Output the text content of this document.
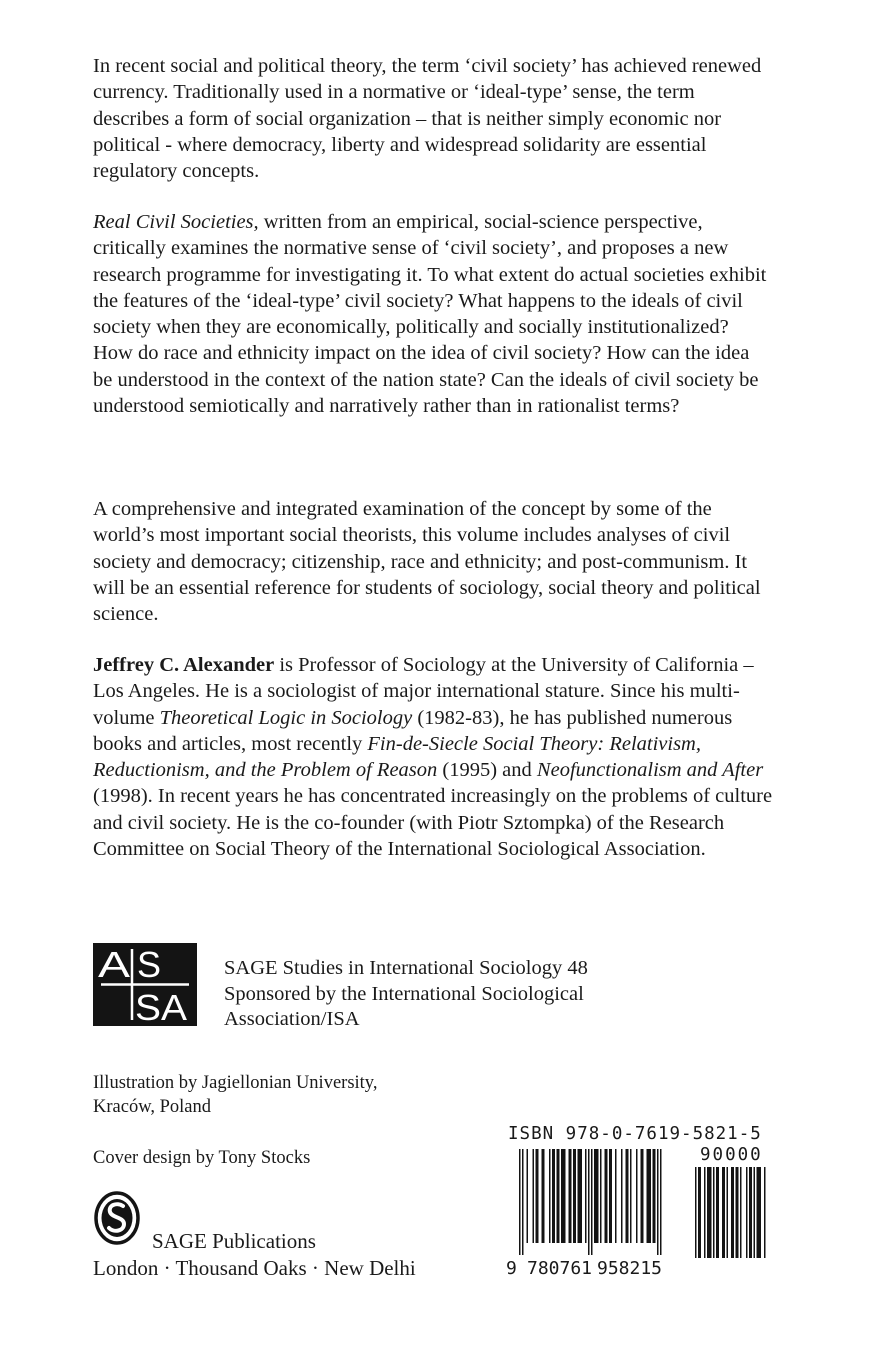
In recent social and political theory, the term ‘civil society’ has achieved renewed currency. Traditionally used in a normative or ‘ideal-type’ sense, the term describes a form of social organization – that is neither simply economic nor political - where democracy, liberty and widespread solidarity are essential regulatory concepts.

Real Civil Societies, written from an empirical, social-science perspective, critically examines the normative sense of ‘civil society’, and proposes a new research programme for investigating it. To what extent do actual societies exhibit the features of the ‘ideal-type’ civil society? What happens to the ideals of civil society when they are economically, politically and socially institutionalized? How do race and ethnicity impact on the idea of civil society? How can the idea be understood in the context of the nation state? Can the ideals of civil society be understood semiotically and narratively rather than in rationalist terms?

A comprehensive and integrated examination of the concept by some of the world’s most important social theorists, this volume includes analyses of civil society and democracy; citizenship, race and ethnicity; and post-communism. It will be an essential reference for students of sociology, social theory and political science.

Jeffrey C. Alexander is Professor of Sociology at the University of California – Los Angeles. He is a sociologist of major international stature. Since his multi-volume Theoretical Logic in Sociology (1982-83), he has published numerous books and articles, most recently Fin-de-Siecle Social Theory: Relativism, Reductionism, and the Problem of Reason (1995) and Neofunctionalism and After (1998). In recent years he has concentrated increasingly on the problems of culture and civil society. He is the co-founder (with Piotr Sztompka) of the Research Committee on Social Theory of the International Sociological Association.

A S
SA
SAGE Studies in International Sociology 48
Sponsored by the International Sociological
Association/ISA
Illustration by Jagiellonian University,
Kraców, Poland
Cover design by Tony Stocks
SAGE Publications
London · Thousand Oaks · New Delhi
ISBN 978-0-7619-5821-5
90000
9 780761 958215
